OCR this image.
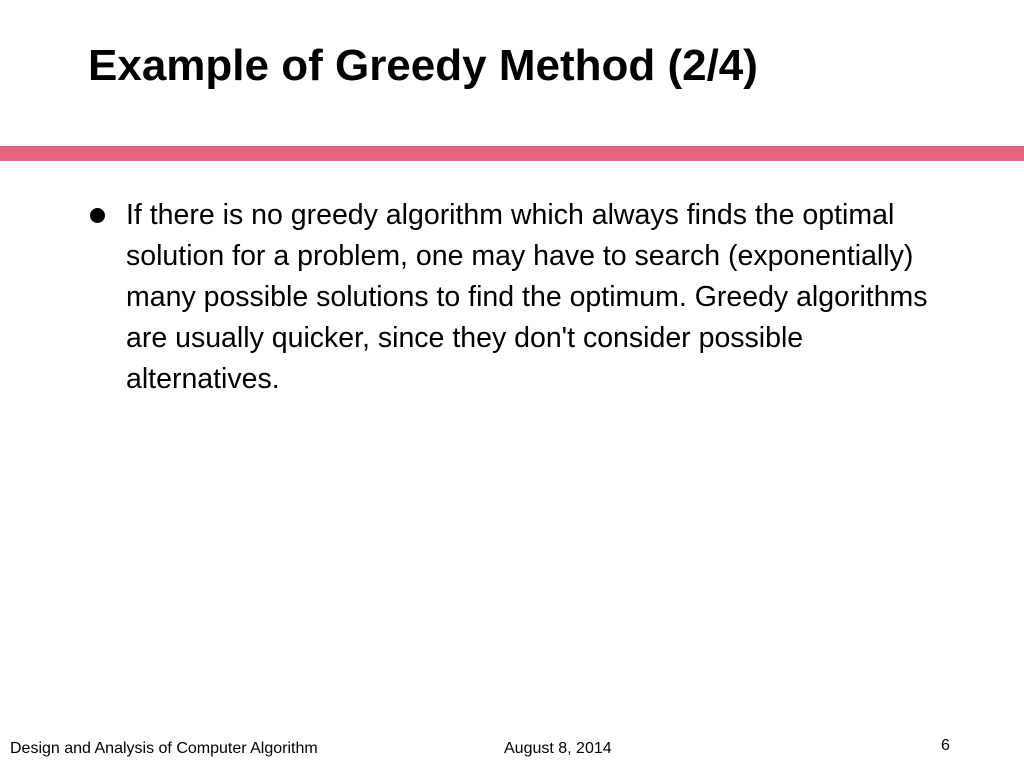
Example of Greedy Method (2/4)
If there is no greedy algorithm which always finds the optimal solution for a problem, one may have to search (exponentially) many possible solutions to find the optimum. Greedy algorithms are usually quicker, since they don't consider possible alternatives.
Design and Analysis of Computer Algorithm	August 8, 2014	6
